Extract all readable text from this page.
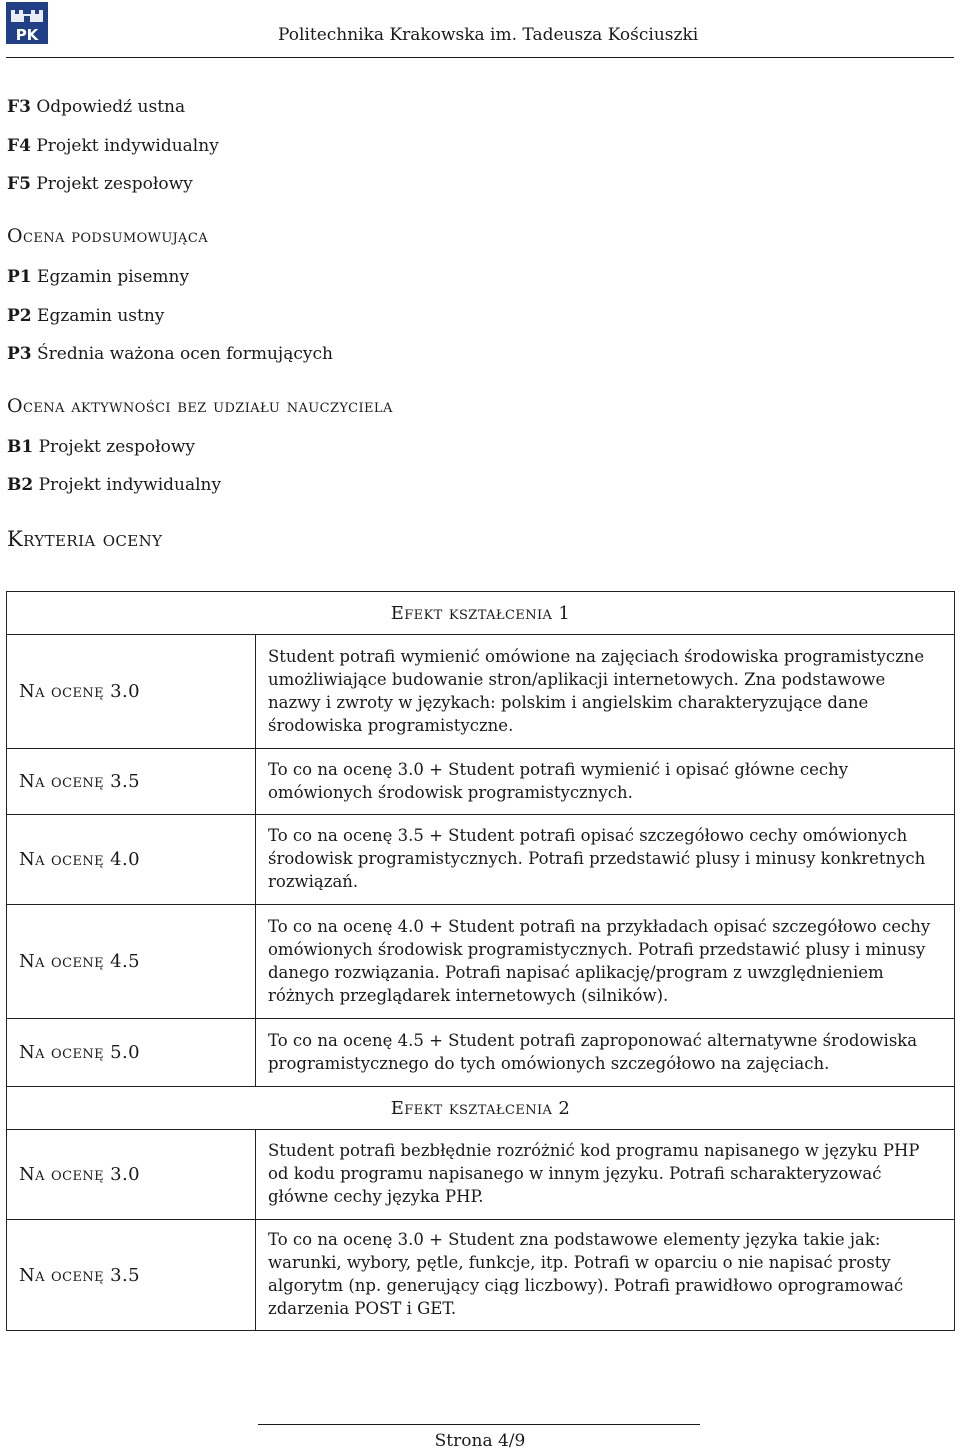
PK	Politechnika Krakowska im. Tadeusza Kościuszki
F3 Odpowiedź ustna
F4 Projekt indywidualny
F5 Projekt zespołowy
Ocena podsumowująca
P1 Egzamin pisemny
P2 Egzamin ustny
P3 Średnia ważona ocen formujących
Ocena aktywności bez udziału nauczyciela
B1 Projekt zespołowy
B2 Projekt indywidualny
Kryteria oceny
Efekt kształcenia 1	
Na ocenę 3.0	Student potrafi wymienić omówione na zajęciach środowiska programistyczne umożliwiające budowanie stron/aplikacji internetowych. Zna podstawowe nazwy i zwroty w językach: polskim i angielskim charakteryzujące dane środowiska programistyczne.
Na ocenę 3.5	To co na ocenę 3.0 + Student potrafi wymienić i opisać główne cechy omówionych środowisk programistycznych.
Na ocenę 4.0	To co na ocenę 3.5 + Student potrafi opisać szczegółowo cechy omówionych środowisk programistycznych. Potrafi przedstawić plusy i minusy konkretnych rozwiązań.
Na ocenę 4.5	To co na ocenę 4.0 + Student potrafi na przykładach opisać szczegółowo cechy omówionych środowisk programistycznych. Potrafi przedstawić plusy i minusy danego rozwiązania. Potrafi napisać aplikację/program z uwzględnieniem różnych przeglądarek internetowych (silników).
Na ocenę 5.0	To co na ocenę 4.5 + Student potrafi zaproponować alternatywne środowiska programistycznego do tych omówionych szczegółowo na zajęciach.
Efekt kształcenia 2	
Na ocenę 3.0	Student potrafi bezbłędnie rozróżnić kod programu napisanego w języku PHP od kodu programu napisanego w innym języku. Potrafi scharakteryzować główne cechy języka PHP.
Na ocenę 3.5	To co na ocenę 3.0 + Student zna podstawowe elementy języka takie jak: warunki, wybory, pętle, funkcje, itp. Potrafi w oparciu o nie napisać prosty algorytm (np. generujący ciąg liczbowy). Potrafi prawidłowo oprogramować zdarzenia POST i GET.
Strona 4/9
